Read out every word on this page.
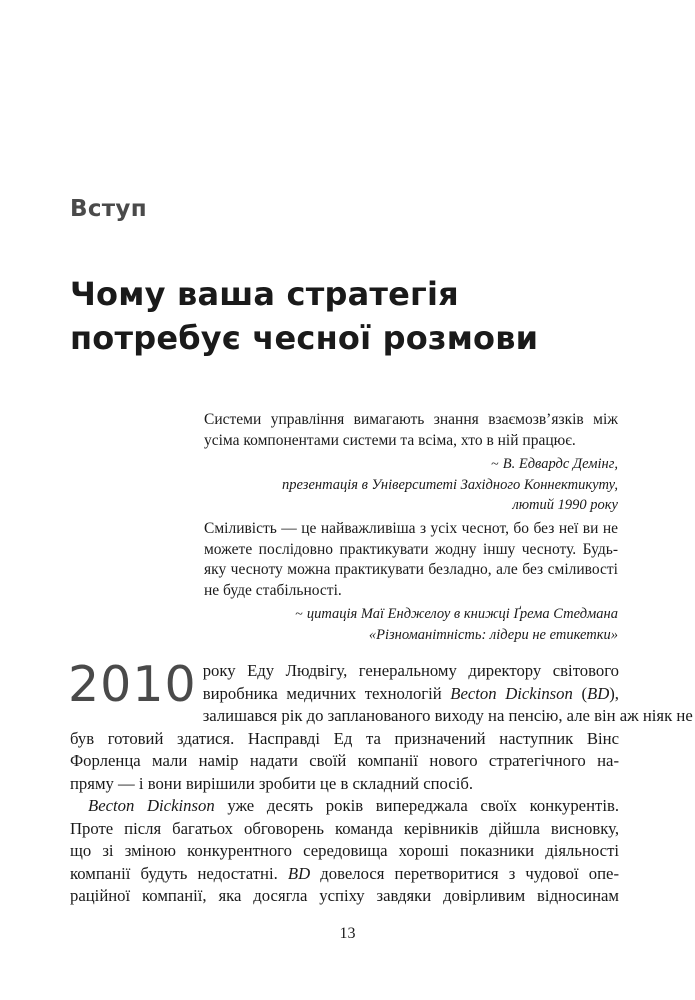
Вступ
Чому ваша стратегія
потребує чесної розмови
Системи управління вимагають знання взаємозв’язків між усіма компонентами системи та всіма, хто в ній працює.
~ В. Едвардс Демінг,
презентація в Університеті Західного Коннектикуту,
лютий 1990 року
Сміливість — це найважливіша з усіх чеснот, бо без неї ви не можете послідовно практикувати жодну іншу чесноту. Будь-яку чесноту можна практикувати безладно, але без сміливості не буде стабільності.
~ цитація Маї Енджелоу в книжці Ґрема Стедмана
«Різноманітність: лідери не етикетки»

2010 року Еду Людвігу, генеральному директору світового
виробника медичних технологій Becton Dickinson (BD),
залишався рік до запланованого виходу на пенсію, але він аж ніяк не
був готовий здатися. Насправді Ед та призначений наступник Вінс
Форленца мали намір надати своїй компанії нового стратегічного на-
пряму — і вони вирішили зробити це в складний спосіб.

Becton Dickinson уже десять років випереджала своїх конкурентів.
Проте після багатьох обговорень команда керівників дійшла висновку,
що зі зміною конкурентного середовища хороші показники діяльності
компанії будуть недостатні. BD довелося перетворитися з чудової опе-
раційної компанії, яка досягла успіху завдяки довірливим відносинам

13
